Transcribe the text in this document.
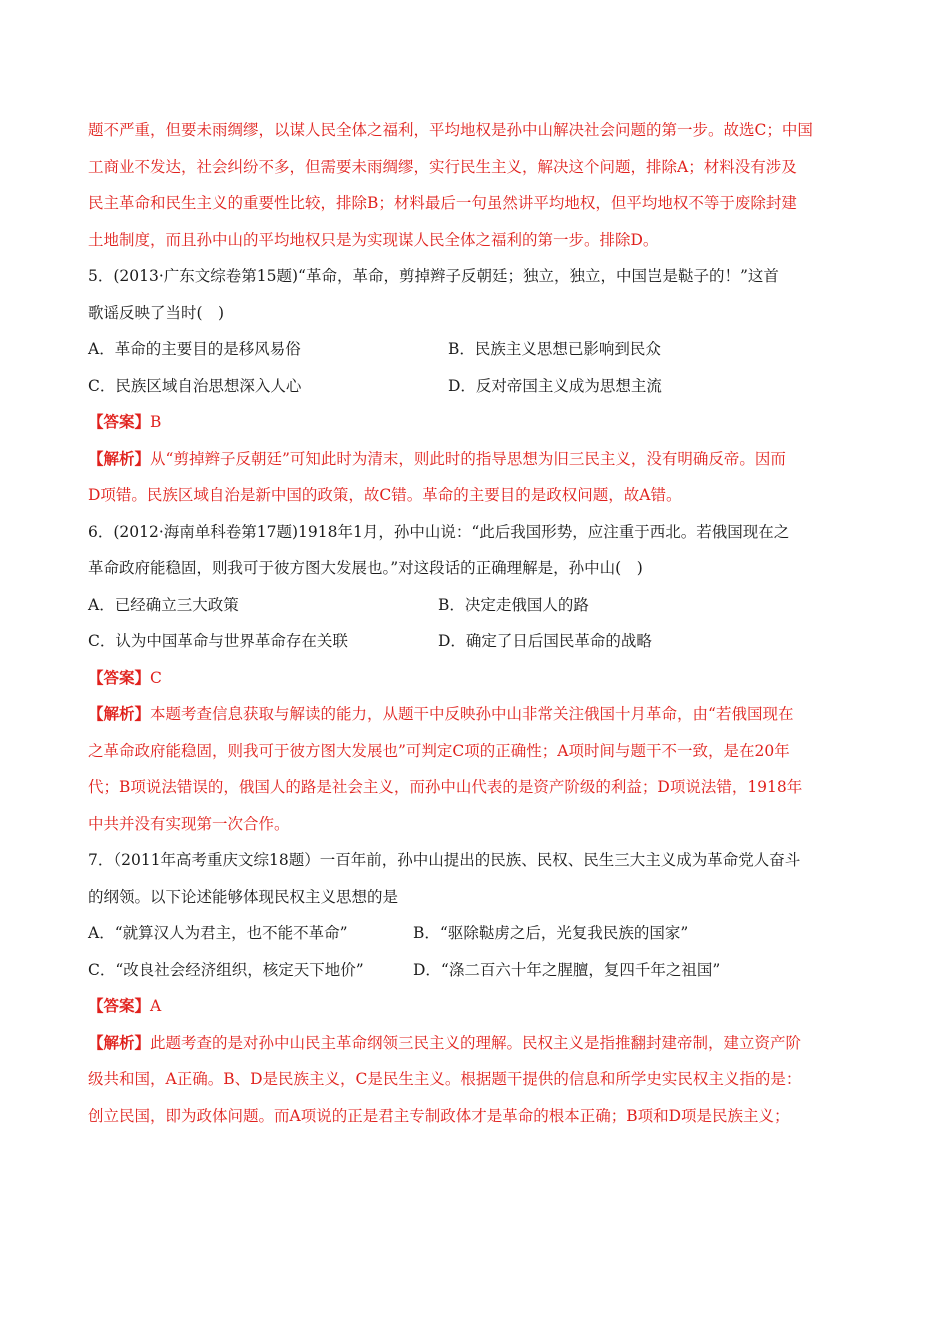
题不严重，但要未雨绸缪，以谋人民全体之福利，平均地权是孙中山解决社会问题的第一步。故选C；中国
工商业不发达，社会纠纷不多，但需要未雨绸缪，实行民生主义，解决这个问题，排除A；材料没有涉及
民主革命和民生主义的重要性比较，排除B；材料最后一句虽然讲平均地权，但平均地权不等于废除封建
土地制度，而且孙中山的平均地权只是为实现谋人民全体之福利的第一步。排除D。
5．(2013·广东文综卷第15题)“革命，革命，剪掉辫子反朝廷；独立，独立，中国岂是鞑子的！”这首
歌谣反映了当时(　)
A．革命的主要目的是移风易俗	B．民族主义思想已影响到民众
C．民族区域自治思想深入人心	D．反对帝国主义成为思想主流
【答案】B
【解析】从“剪掉辫子反朝廷”可知此时为清末，则此时的指导思想为旧三民主义，没有明确反帝。因而
D项错。民族区域自治是新中国的政策，故C错。革命的主要目的是政权问题，故A错。
6．(2012·海南单科卷第17题)1918年1月，孙中山说：“此后我国形势，应注重于西北。若俄国现在之
革命政府能稳固，则我可于彼方图大发展也。”对这段话的正确理解是，孙中山(　)
A．已经确立三大政策	B．决定走俄国人的路
C．认为中国革命与世界革命存在关联	D．确定了日后国民革命的战略
【答案】C
【解析】本题考查信息获取与解读的能力，从题干中反映孙中山非常关注俄国十月革命，由“若俄国现在
之革命政府能稳固，则我可于彼方图大发展也”可判定C项的正确性；A项时间与题干不一致，是在20年
代；B项说法错误的，俄国人的路是社会主义，而孙中山代表的是资产阶级的利益；D项说法错，1918年
中共并没有实现第一次合作。
7．（2011年高考重庆文综18题）一百年前，孙中山提出的民族、民权、民生三大主义成为革命党人奋斗
的纲领。以下论述能够体现民权主义思想的是
A．“就算汉人为君主，也不能不革命”	B．“驱除鞑虏之后，光复我民族的国家”
C．“改良社会经济组织，核定天下地价”	D．“涤二百六十年之腥膻，复四千年之祖国”
【答案】A
【解析】此题考查的是对孙中山民主革命纲领三民主义的理解。民权主义是指推翻封建帝制，建立资产阶
级共和国，A正确。B、D是民族主义，C是民生主义。根据题干提供的信息和所学史实民权主义指的是：
创立民国，即为政体问题。而A项说的正是君主专制政体才是革命的根本正确；B项和D项是民族主义；
